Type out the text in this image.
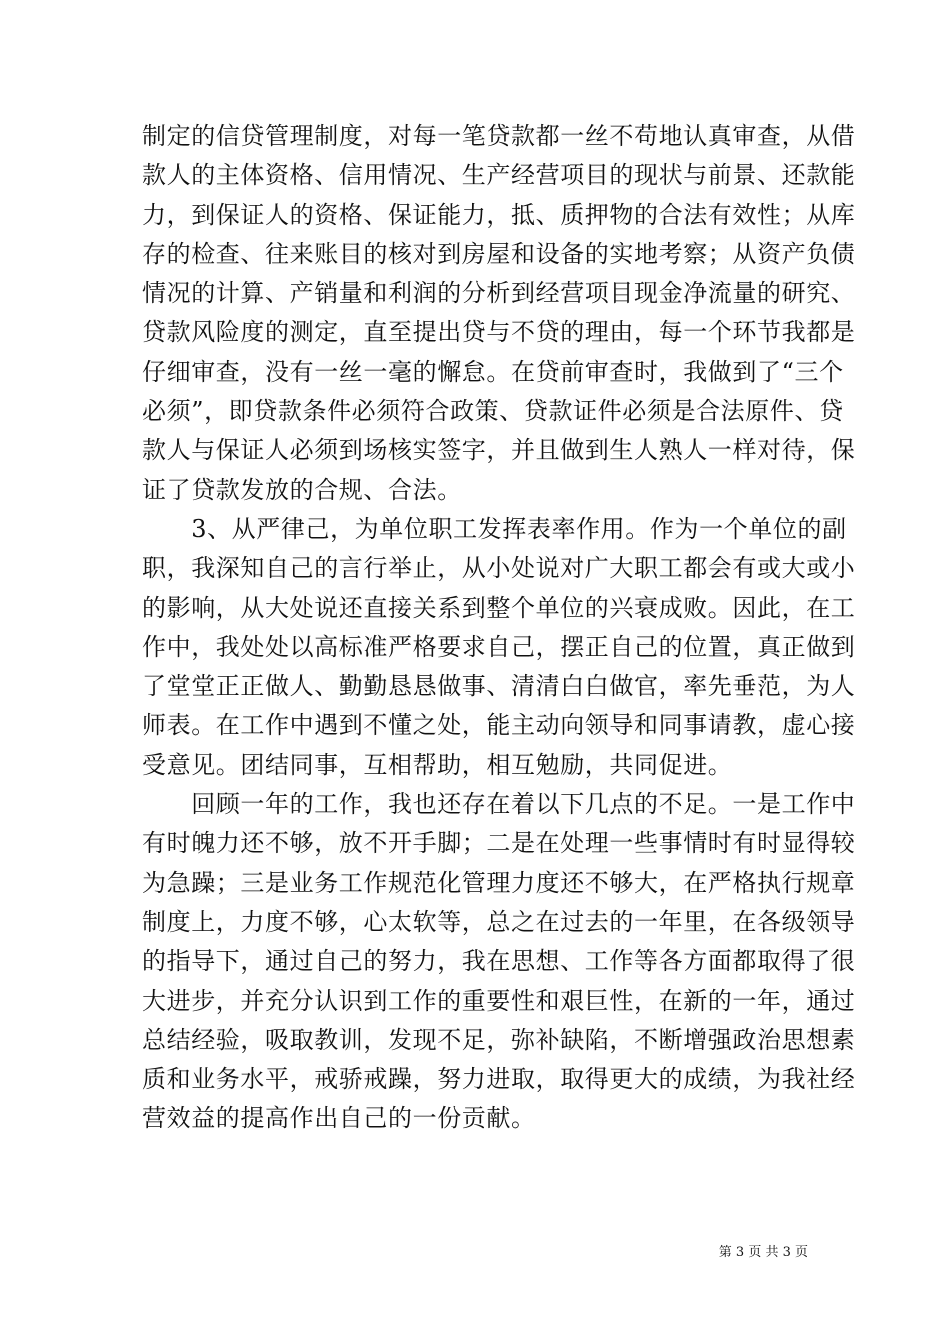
制定的信贷管理制度，对每一笔贷款都一丝不苟地认真审查，从借
款人的主体资格、信用情况、生产经营项目的现状与前景、还款能
力，到保证人的资格、保证能力，抵、质押物的合法有效性；从库
存的检查、往来账目的核对到房屋和设备的实地考察；从资产负债
情况的计算、产销量和利润的分析到经营项目现金净流量的研究、
贷款风险度的测定，直至提出贷与不贷的理由，每一个环节我都是
仔细审查，没有一丝一毫的懈怠。在贷前审查时，我做到了“三个
必须”，即贷款条件必须符合政策、贷款证件必须是合法原件、贷
款人与保证人必须到场核实签字，并且做到生人熟人一样对待，保
证了贷款发放的合规、合法。
　　3、从严律己，为单位职工发挥表率作用。作为一个单位的副
职，我深知自己的言行举止，从小处说对广大职工都会有或大或小
的影响，从大处说还直接关系到整个单位的兴衰成败。因此，在工
作中，我处处以高标准严格要求自己，摆正自己的位置，真正做到
了堂堂正正做人、勤勤恳恳做事、清清白白做官，率先垂范，为人
师表。在工作中遇到不懂之处，能主动向领导和同事请教，虚心接
受意见。团结同事，互相帮助，相互勉励，共同促进。
　　回顾一年的工作，我也还存在着以下几点的不足。一是工作中
有时魄力还不够，放不开手脚；二是在处理一些事情时有时显得较
为急躁；三是业务工作规范化管理力度还不够大，在严格执行规章
制度上，力度不够，心太软等，总之在过去的一年里，在各级领导
的指导下，通过自己的努力，我在思想、工作等各方面都取得了很
大进步，并充分认识到工作的重要性和艰巨性，在新的一年，通过
总结经验，吸取教训，发现不足，弥补缺陷，不断增强政治思想素
质和业务水平，戒骄戒躁，努力进取，取得更大的成绩，为我社经
营效益的提高作出自己的一份贡献。
第 3 页 共 3 页
